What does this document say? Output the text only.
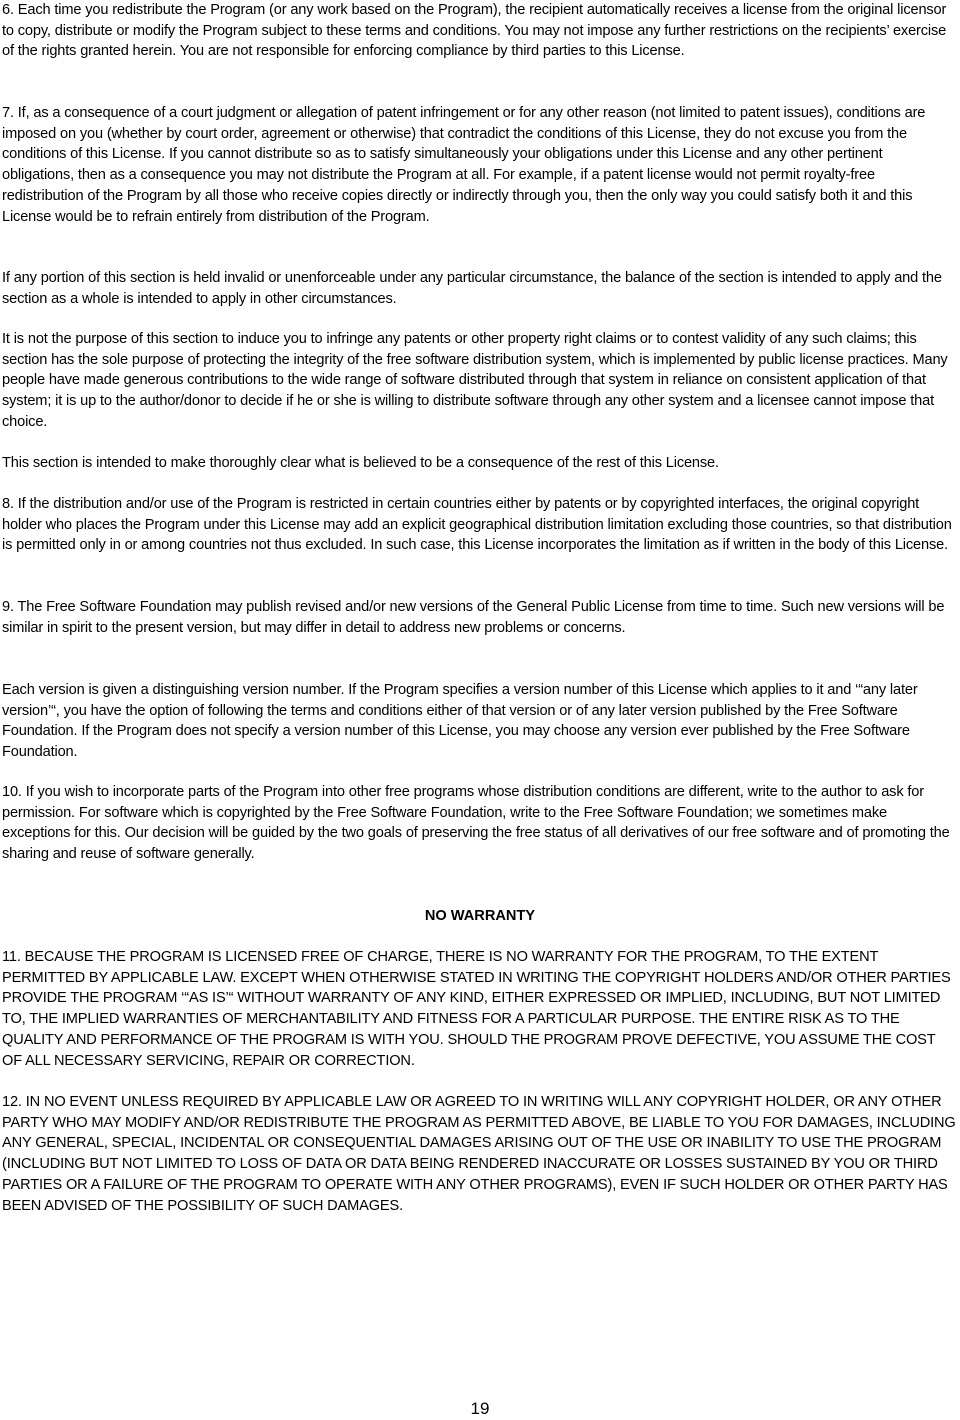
6. Each time you redistribute the Program (or any work based on the Program), the recipient automatically receives a license from the original licensor to copy, distribute or modify the Program subject to these terms and conditions. You may not impose any further restrictions on the recipients’ exercise of the rights granted herein. You are not responsible for enforcing compliance by third parties to this License.

7. If, as a consequence of a court judgment or allegation of patent infringement or for any other reason (not limited to patent issues), conditions are imposed on you (whether by court order, agreement or otherwise) that contradict the conditions of this License, they do not excuse you from the conditions of this License. If you cannot distribute so as to satisfy simultaneously your obligations under this License and any other pertinent obligations, then as a consequence you may not distribute the Program at all. For example, if a patent license would not permit royalty-free redistribution of the Program by all those who receive copies directly or indirectly through you, then the only way you could satisfy both it and this License would be to refrain entirely from distribution of the Program.

If any portion of this section is held invalid or unenforceable under any particular circumstance, the balance of the section is intended to apply and the section as a whole is intended to apply in other circumstances.

It is not the purpose of this section to induce you to infringe any patents or other property right claims or to contest validity of any such claims; this section has the sole purpose of protecting the integrity of the free software distribution system, which is implemented by public license practices. Many people have made generous contributions to the wide range of software distributed through that system in reliance on consistent application of that system; it is up to the author/donor to decide if he or she is willing to distribute software through any other system and a licensee cannot impose that choice.

This section is intended to make thoroughly clear what is believed to be a consequence of the rest of this License.

8. If the distribution and/or use of the Program is restricted in certain countries either by patents or by copyrighted interfaces, the original copyright holder who places the Program under this License may add an explicit geographical distribution limitation excluding those countries, so that distribution is permitted only in or among countries not thus excluded. In such case, this License incorporates the limitation as if written in the body of this License.

9. The Free Software Foundation may publish revised and/or new versions of the General Public License from time to time. Such new versions will be similar in spirit to the present version, but may differ in detail to address new problems or concerns.

Each version is given a distinguishing version number. If the Program specifies a version number of this License which applies to it and ‘“any later version’“, you have the option of following the terms and conditions either of that version or of any later version published by the Free Software Foundation. If the Program does not specify a version number of this License, you may choose any version ever published by the Free Software Foundation.

10. If you wish to incorporate parts of the Program into other free programs whose distribution conditions are different, write to the author to ask for permission. For software which is copyrighted by the Free Software Foundation, write to the Free Software Foundation; we sometimes make exceptions for this. Our decision will be guided by the two goals of preserving the free status of all derivatives of our free software and of promoting the sharing and reuse of software generally.

NO WARRANTY

11. BECAUSE THE PROGRAM IS LICENSED FREE OF CHARGE, THERE IS NO WARRANTY FOR THE PROGRAM, TO THE EXTENT PERMITTED BY APPLICABLE LAW. EXCEPT WHEN OTHERWISE STATED IN WRITING THE COPYRIGHT HOLDERS AND/OR OTHER PARTIES PROVIDE THE PROGRAM ‘“AS IS’“ WITHOUT WARRANTY OF ANY KIND, EITHER EXPRESSED OR IMPLIED, INCLUDING, BUT NOT LIMITED TO, THE IMPLIED WARRANTIES OF MERCHANTABILITY AND FITNESS FOR A PARTICULAR PURPOSE. THE ENTIRE RISK AS TO THE QUALITY AND PERFORMANCE OF THE PROGRAM IS WITH YOU. SHOULD THE PROGRAM PROVE DEFECTIVE, YOU ASSUME THE COST OF ALL NECESSARY SERVICING, REPAIR OR CORRECTION.

12. IN NO EVENT UNLESS REQUIRED BY APPLICABLE LAW OR AGREED TO IN WRITING WILL ANY COPYRIGHT HOLDER, OR ANY OTHER PARTY WHO MAY MODIFY AND/OR REDISTRIBUTE THE PROGRAM AS PERMITTED ABOVE, BE LIABLE TO YOU FOR DAMAGES, INCLUDING ANY GENERAL, SPECIAL, INCIDENTAL OR CONSEQUENTIAL DAMAGES ARISING OUT OF THE USE OR INABILITY TO USE THE PROGRAM (INCLUDING BUT NOT LIMITED TO LOSS OF DATA OR DATA BEING RENDERED INACCURATE OR LOSSES SUSTAINED BY YOU OR THIRD PARTIES OR A FAILURE OF THE PROGRAM TO OPERATE WITH ANY OTHER PROGRAMS), EVEN IF SUCH HOLDER OR OTHER PARTY HAS BEEN ADVISED OF THE POSSIBILITY OF SUCH DAMAGES.

19
